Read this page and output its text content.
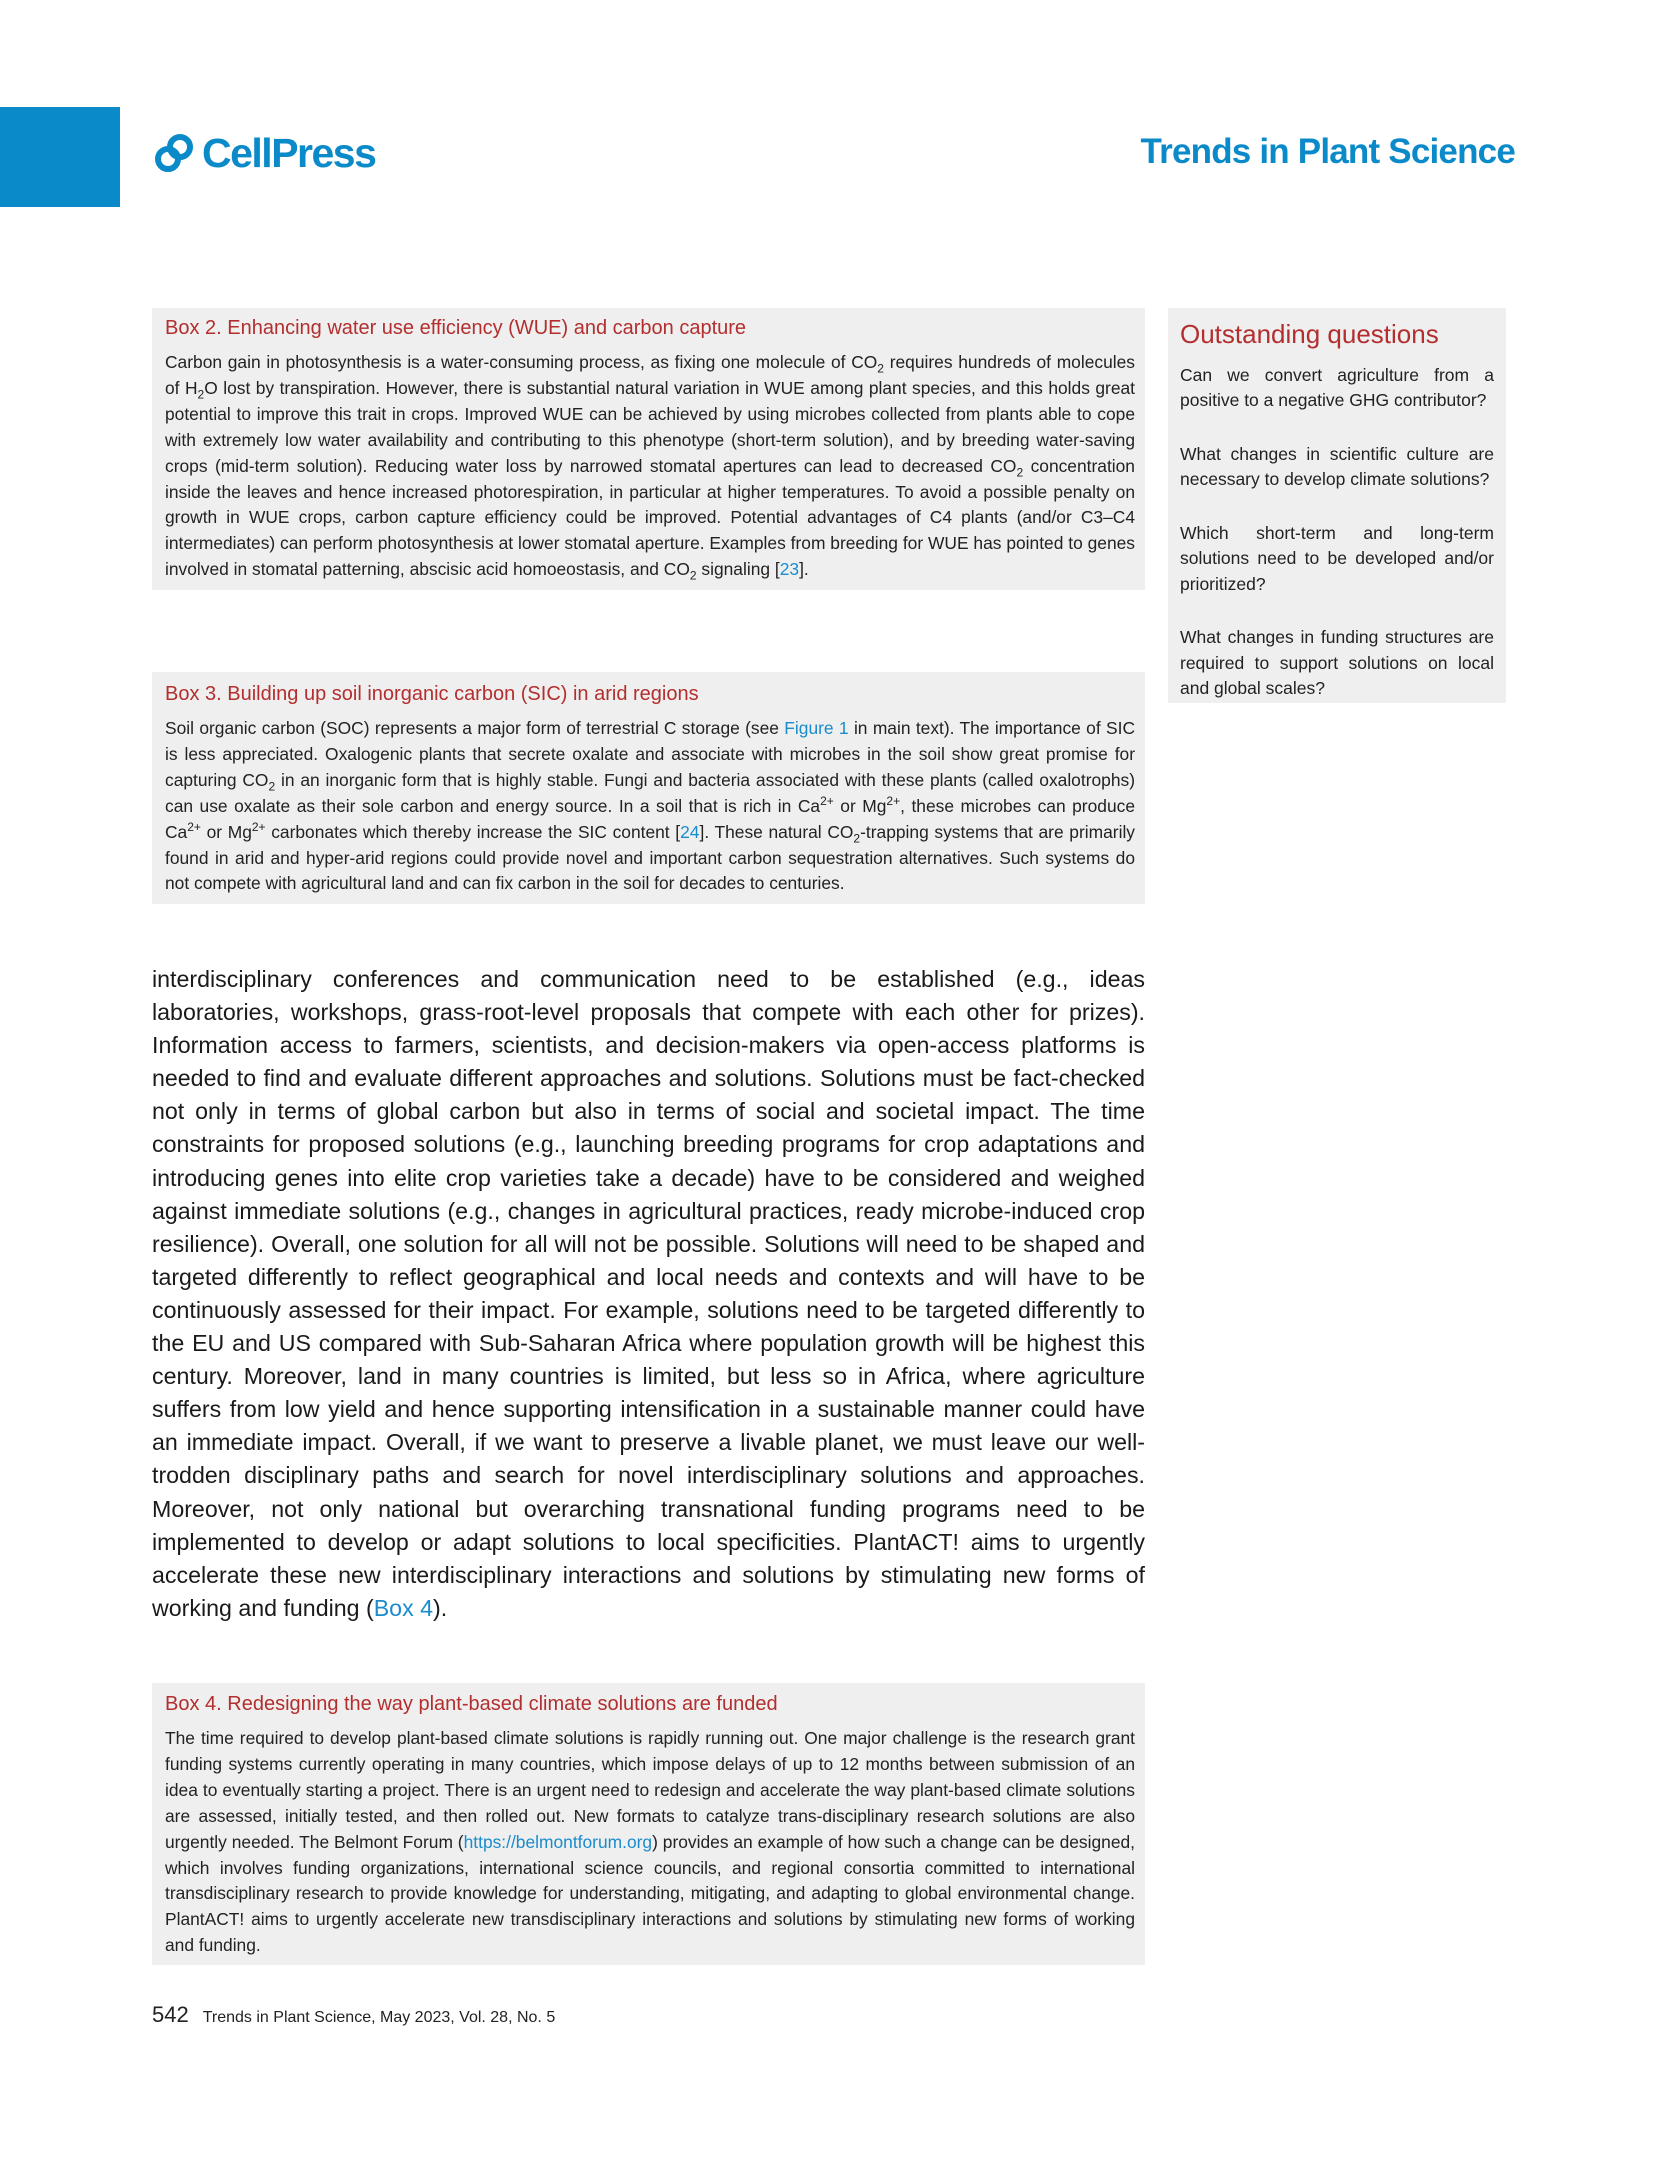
CellPress	Trends in Plant Science
Box 2. Enhancing water use efficiency (WUE) and carbon capture

Carbon gain in photosynthesis is a water-consuming process, as fixing one molecule of $CO_2$ requires hundreds of molecules of $H_2O$ lost by transpiration. However, there is substantial natural variation in WUE among plant species, and this holds great potential to improve this trait in crops. Improved WUE can be achieved by using microbes collected from plants able to cope with extremely low water availability and contributing to this phenotype (short-term solution), and by breeding water-saving crops (mid-term solution). Reducing water loss by narrowed stomatal apertures can lead to decreased $CO_2$ concentration inside the leaves and hence increased photorespiration, in particular at higher temperatures. To avoid a possible penalty on growth in WUE crops, carbon capture efficiency could be improved. Potential advantages of C4 plants (and/or C3–C4 intermediates) can perform photosynthesis at lower stomatal aperture. Examples from breeding for WUE has pointed to genes involved in stomatal patterning, abscisic acid homoeostasis, and $CO_2$ signaling [23].

Outstanding questions

Can we convert agriculture from a positive to a negative GHG contributor?

What changes in scientific culture are necessary to develop climate solutions?

Which short-term and long-term solutions need to be developed and/or prioritized?

What changes in funding structures are required to support solutions on local and global scales?

Box 3. Building up soil inorganic carbon (SIC) in arid regions

Soil organic carbon (SOC) represents a major form of terrestrial C storage (see Figure 1 in main text). The importance of SIC is less appreciated. Oxalogenic plants that secrete oxalate and associate with microbes in the soil show great promise for capturing $CO_2$ in an inorganic form that is highly stable. Fungi and bacteria associated with these plants (called oxalotrophs) can use oxalate as their sole carbon and energy source. In a soil that is rich in $Ca^{2+}$ or $Mg^{2+}$, these microbes can produce $Ca^{2+}$ or $Mg^{2+}$ carbonates which thereby increase the SIC content [24]. These natural $CO_2$-trapping systems that are primarily found in arid and hyper-arid regions could provide novel and important carbon sequestration alternatives. Such systems do not compete with agricultural land and can fix carbon in the soil for decades to centuries.

interdisciplinary conferences and communication need to be established (e.g., ideas laboratories, workshops, grass-root-level proposals that compete with each other for prizes). Information access to farmers, scientists, and decision-makers via open-access platforms is needed to find and evaluate different approaches and solutions. Solutions must be fact-checked not only in terms of global carbon but also in terms of social and societal impact. The time constraints for proposed solutions (e.g., launching breeding programs for crop adaptations and introducing genes into elite crop varieties take a decade) have to be considered and weighed against immediate solutions (e.g., changes in agricultural practices, ready microbe-induced crop resilience). Overall, one solution for all will not be possible. Solutions will need to be shaped and targeted differently to reflect geographical and local needs and contexts and will have to be continuously assessed for their impact. For example, solutions need to be targeted differently to the EU and US compared with Sub-Saharan Africa where population growth will be highest this century. Moreover, land in many countries is limited, but less so in Africa, where agriculture suffers from low yield and hence supporting intensification in a sustainable manner could have an immediate impact. Overall, if we want to preserve a livable planet, we must leave our well-trodden disciplinary paths and search for novel interdisciplinary solutions and approaches. Moreover, not only national but overarching transnational funding programs need to be implemented to develop or adapt solutions to local specificities. PlantACT! aims to urgently accelerate these new interdisciplinary interactions and solutions by stimulating new forms of working and funding (Box 4).

Box 4. Redesigning the way plant-based climate solutions are funded

The time required to develop plant-based climate solutions is rapidly running out. One major challenge is the research grant funding systems currently operating in many countries, which impose delays of up to 12 months between submission of an idea to eventually starting a project. There is an urgent need to redesign and accelerate the way plant-based climate solutions are assessed, initially tested, and then rolled out. New formats to catalyze trans-disciplinary research solutions are also urgently needed. The Belmont Forum (https://belmontforum.org) provides an example of how such a change can be designed, which involves funding organizations, international science councils, and regional consortia committed to international transdisciplinary research to provide knowledge for understanding, mitigating, and adapting to global environmental change. PlantACT! aims to urgently accelerate new transdisciplinary interactions and solutions by stimulating new forms of working and funding.

542 Trends in Plant Science, May 2023, Vol. 28, No. 5
